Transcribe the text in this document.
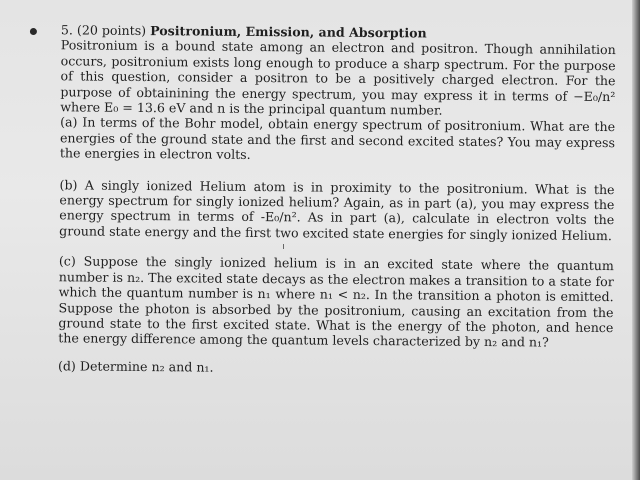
5. (20 points) Positronium, Emission, and Absorption
Positronium is a bound state among an electron and positron. Though annihilation occurs, positronium exists long enough to produce a sharp spectrum. For the purpose of this question, consider a positron to be a positively charged electron. For the purpose of obtainining the energy spectrum, you may express it in terms of −E₀/n² where E₀ = 13.6 eV and n is the principal quantum number.
(a) In terms of the Bohr model, obtain energy spectrum of positronium. What are the energies of the ground state and the first and second excited states? You may express the energies in electron volts.
(b) A singly ionized Helium atom is in proximity to the positronium. What is the energy spectrum for singly ionized helium? Again, as in part (a), you may express the energy spectrum in terms of -E₀/n². As in part (a), calculate in electron volts the ground state energy and the first two excited state energies for singly ionized Helium.
(c) Suppose the singly ionized helium is in an excited state where the quantum number is n₂. The excited state decays as the electron makes a transition to a state for which the quantum number is n₁ where n₁ < n₂. In the transition a photon is emitted. Suppose the photon is absorbed by the positronium, causing an excitation from the ground state to the first excited state. What is the energy of the photon, and hence the energy difference among the quantum levels characterized by n₂ and n₁?
(d) Determine n₂ and n₁.
